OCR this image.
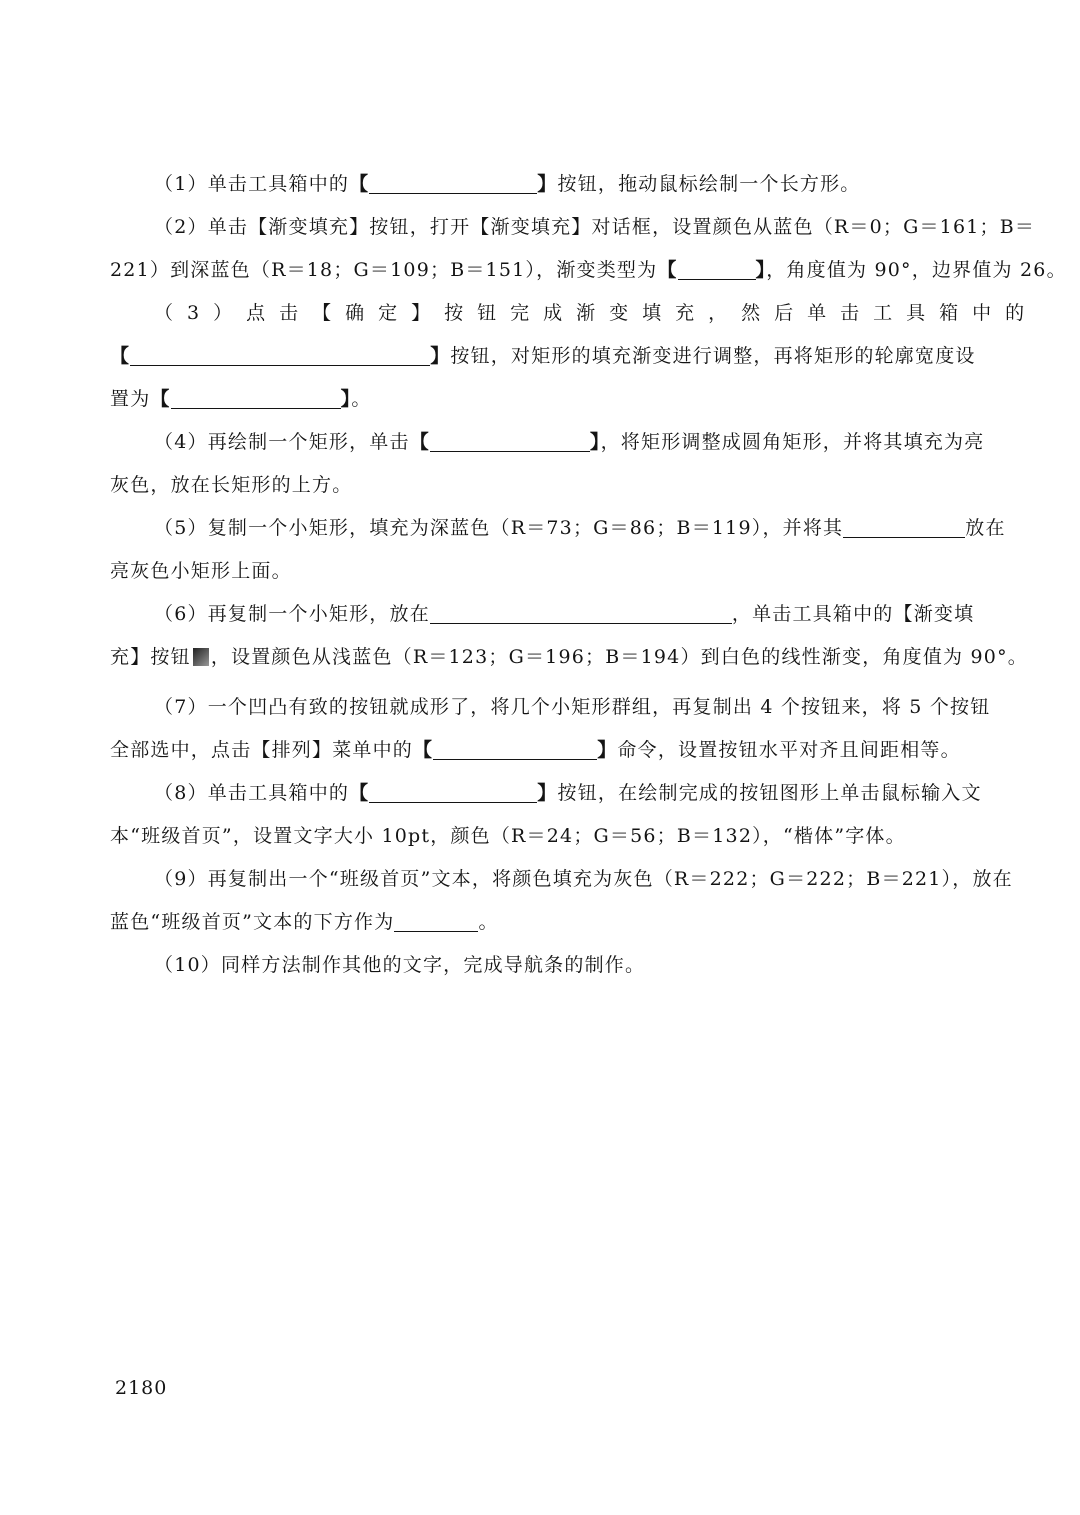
（1）单击工具箱中的【	】按钮，拖动鼠标绘制一个长方形。
（2）单击【渐变填充】按钮，打开【渐变填充】对话框，设置颜色从蓝色（R＝0；G＝161；B＝
221）到深蓝色（R＝18；G＝109；B＝151），渐变类型为【	】，角度值为 90°，边界值为 26。
（3）点击【确定】按钮完成渐变填充，然后单击工具箱中的
【	】按钮，对矩形的填充渐变进行调整，再将矩形的轮廓宽度设
置为【	】。
（4）再绘制一个矩形，单击【	】，将矩形调整成圆角矩形，并将其填充为亮
灰色，放在长矩形的上方。
（5）复制一个小矩形，填充为深蓝色（R＝73；G＝86；B＝119），并将其	放在
亮灰色小矩形上面。
（6）再复制一个小矩形，放在	，单击工具箱中的【渐变填
充】按钮 ，设置颜色从浅蓝色（R＝123；G＝196；B＝194）到白色的线性渐变，角度值为 90°。
（7）一个凹凸有致的按钮就成形了，将几个小矩形群组，再复制出 4 个按钮来，将 5 个按钮
全部选中，点击【排列】菜单中的【	】命令，设置按钮水平对齐且间距相等。
（8）单击工具箱中的【	】按钮，在绘制完成的按钮图形上单击鼠标输入文
本“班级首页”，设置文字大小 10pt，颜色（R＝24；G＝56；B＝132），“楷体”字体。
（9）再复制出一个“班级首页”文本，将颜色填充为灰色（R＝222；G＝222；B＝221），放在
蓝色“班级首页”文本的下方作为	。
（10）同样方法制作其他的文字，完成导航条的制作。
2180
